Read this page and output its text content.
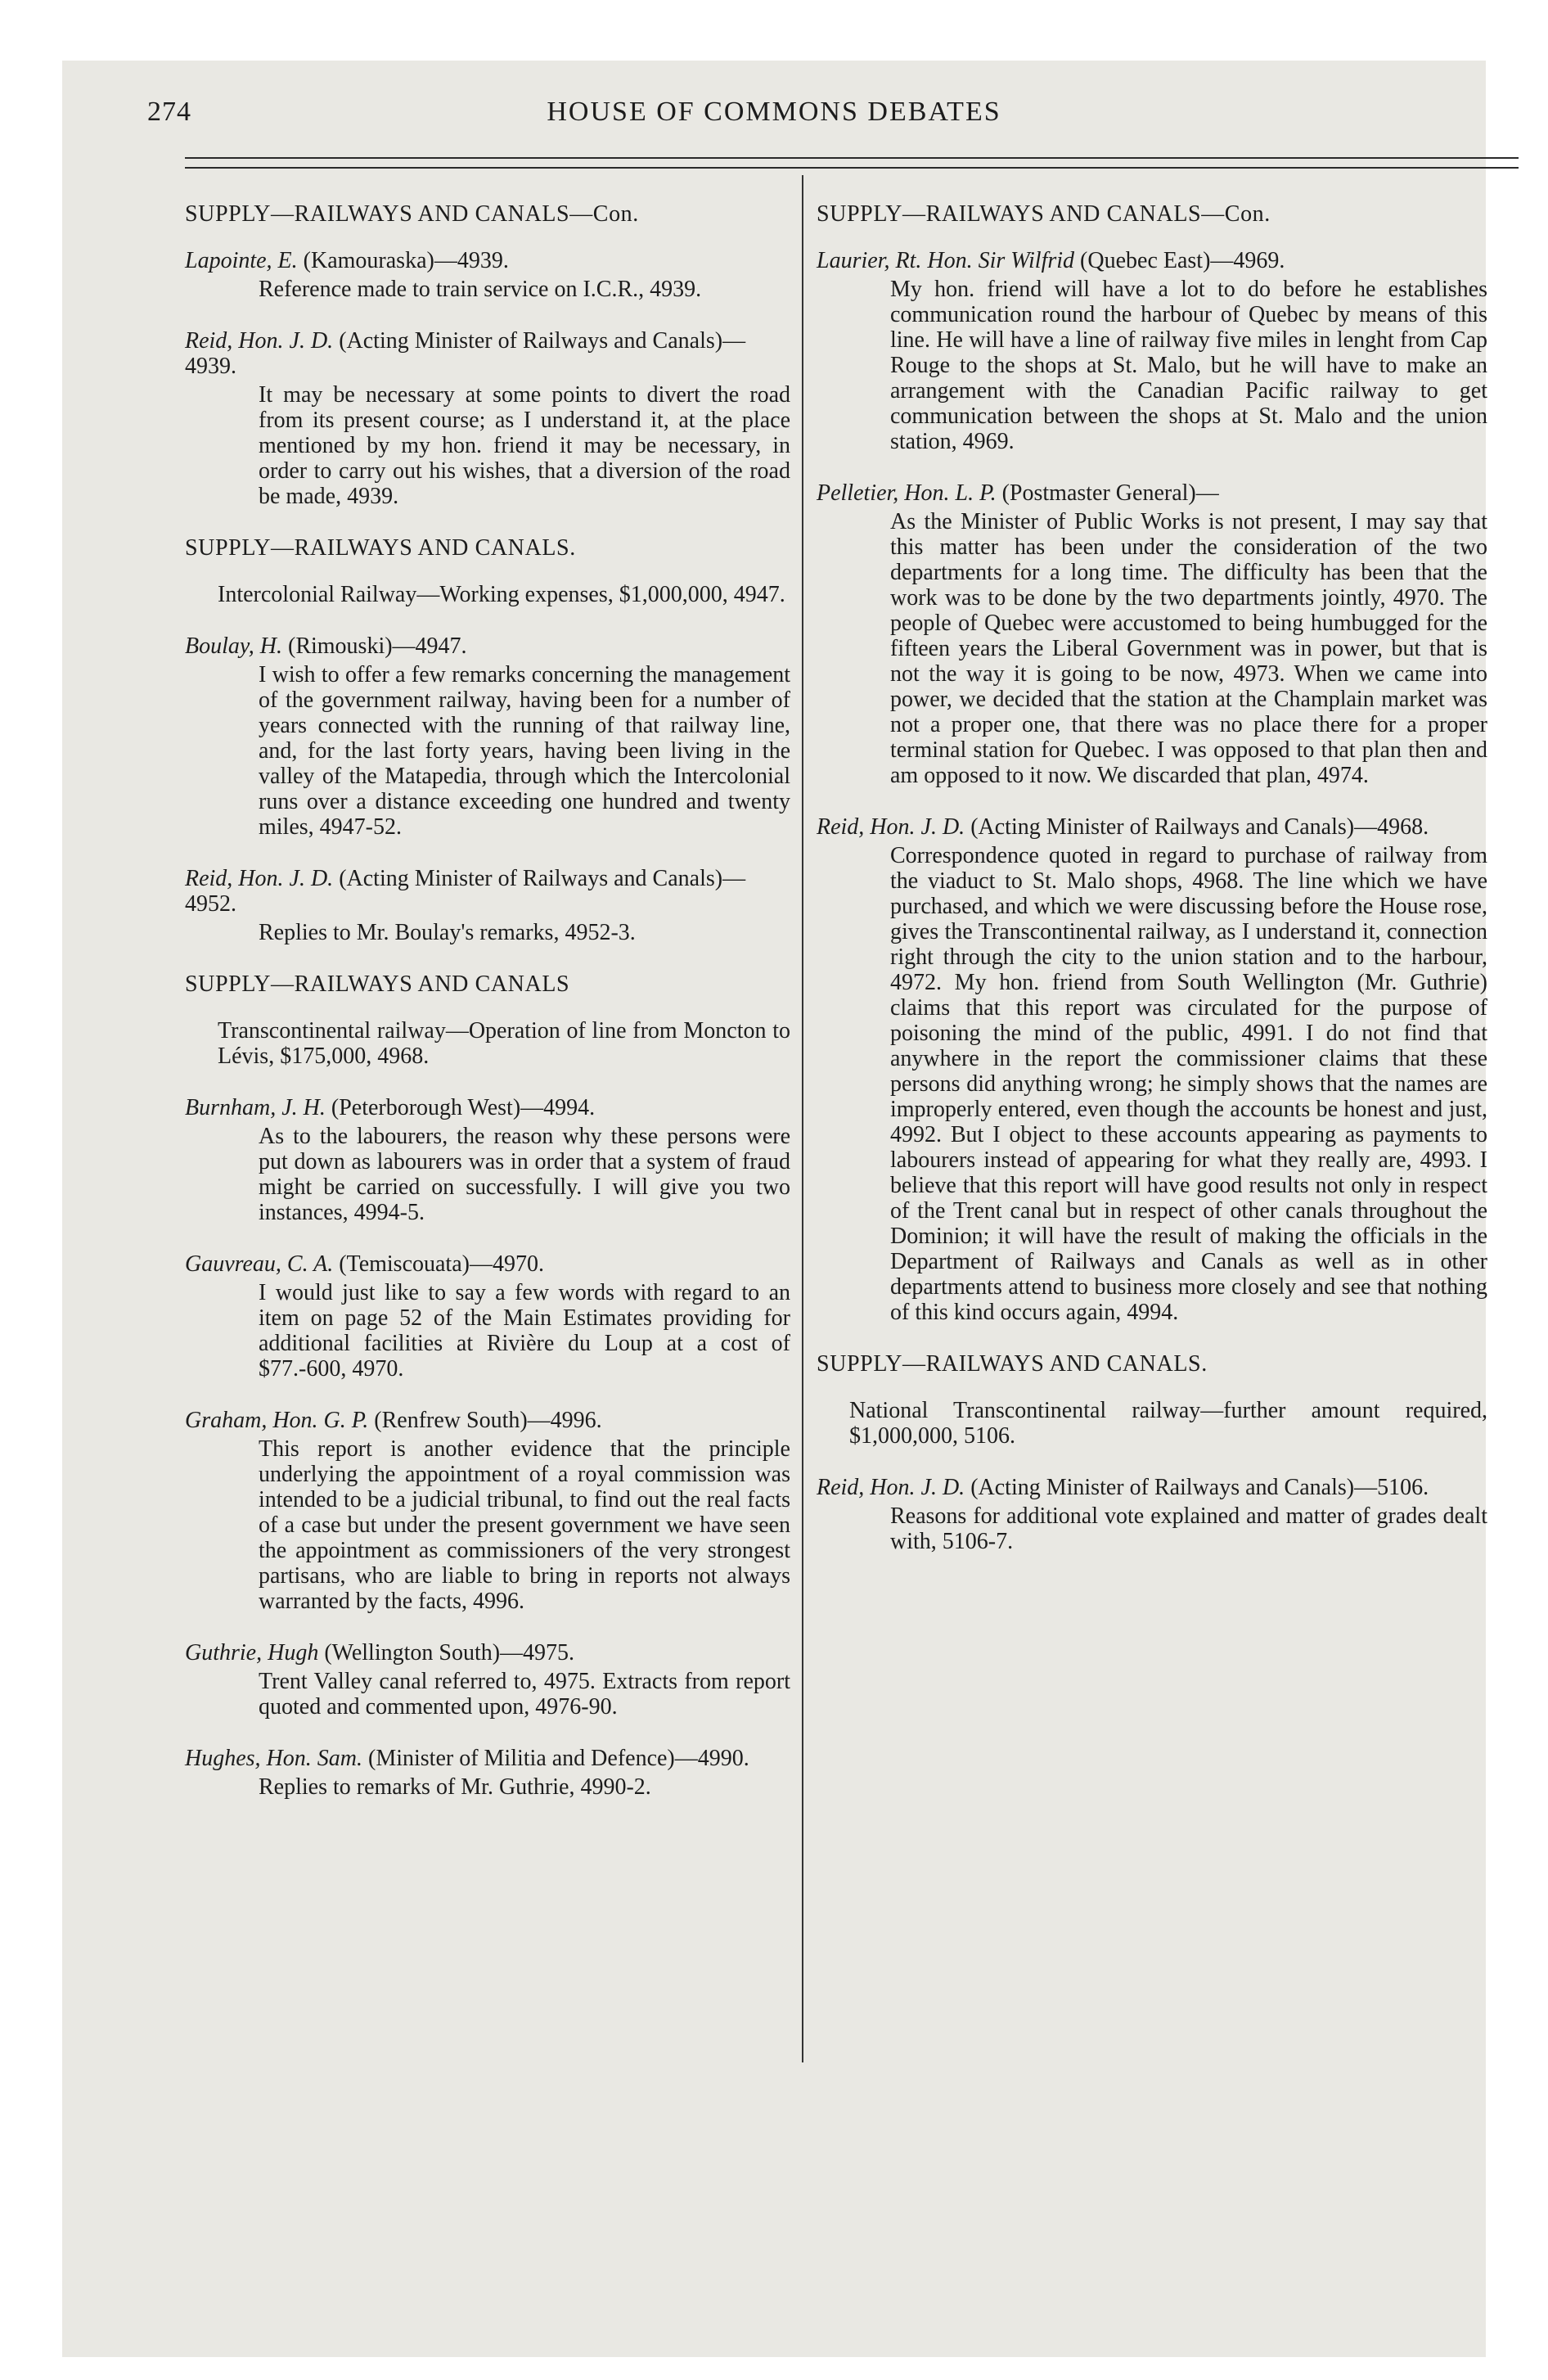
274	HOUSE OF COMMONS DEBATES
SUPPLY—RAILWAYS AND CANALS—Con.
Lapointe, E. (Kamouraska)—4939.

Reference made to train service on I.C.R., 4939.

Reid, Hon. J. D. (Acting Minister of Railways and Canals)—4939.

It may be necessary at some points to divert the road from its present course; as I understand it, at the place mentioned by my hon. friend it may be necessary, in order to carry out his wishes, that a diversion of the road be made, 4939.

SUPPLY—RAILWAYS AND CANALS.
Intercolonial Railway—Working expenses, $1,000,000, 4947.
Boulay, H. (Rimouski)—4947.

I wish to offer a few remarks concerning the management of the government railway, having been for a number of years connected with the running of that railway line, and, for the last forty years, having been living in the valley of the Matapedia, through which the Intercolonial runs over a distance exceeding one hundred and twenty miles, 4947-52.

Reid, Hon. J. D. (Acting Minister of Railways and Canals)—4952.

Replies to Mr. Boulay's remarks, 4952-3.

SUPPLY—RAILWAYS AND CANALS
Transcontinental railway—Operation of line from Moncton to Lévis, $175,000, 4968.
Burnham, J. H. (Peterborough West)—4994.

As to the labourers, the reason why these persons were put down as labourers was in order that a system of fraud might be carried on successfully. I will give you two instances, 4994-5.

Gauvreau, C. A. (Temiscouata)—4970.

I would just like to say a few words with regard to an item on page 52 of the Main Estimates providing for additional facilities at Rivière du Loup at a cost of $77.-600, 4970.

Graham, Hon. G. P. (Renfrew South)—4996.

This report is another evidence that the principle underlying the appointment of a royal commission was intended to be a judicial tribunal, to find out the real facts of a case but under the present government we have seen the appointment as commissioners of the very strongest partisans, who are liable to bring in reports not always warranted by the facts, 4996.

Guthrie, Hugh (Wellington South)—4975.

Trent Valley canal referred to, 4975. Extracts from report quoted and commented upon, 4976-90.

Hughes, Hon. Sam. (Minister of Militia and Defence)—4990.

Replies to remarks of Mr. Guthrie, 4990-2.

SUPPLY—RAILWAYS AND CANALS—Con.
Laurier, Rt. Hon. Sir Wilfrid (Quebec East)—4969.

My hon. friend will have a lot to do before he establishes communication round the harbour of Quebec by means of this line. He will have a line of railway five miles in lenght from Cap Rouge to the shops at St. Malo, but he will have to make an arrangement with the Canadian Pacific railway to get communication between the shops at St. Malo and the union station, 4969.

Pelletier, Hon. L. P. (Postmaster General)—

As the Minister of Public Works is not present, I may say that this matter has been under the consideration of the two departments for a long time. The difficulty has been that the work was to be done by the two departments jointly, 4970. The people of Quebec were accustomed to being humbugged for the fifteen years the Liberal Government was in power, but that is not the way it is going to be now, 4973. When we came into power, we decided that the station at the Champlain market was not a proper one, that there was no place there for a proper terminal station for Quebec. I was opposed to that plan then and am opposed to it now. We discarded that plan, 4974.

Reid, Hon. J. D. (Acting Minister of Railways and Canals)—4968.

Correspondence quoted in regard to purchase of railway from the viaduct to St. Malo shops, 4968. The line which we have purchased, and which we were discussing before the House rose, gives the Transcontinental railway, as I understand it, connection right through the city to the union station and to the harbour, 4972. My hon. friend from South Wellington (Mr. Guthrie) claims that this report was circulated for the purpose of poisoning the mind of the public, 4991. I do not find that anywhere in the report the commissioner claims that these persons did anything wrong; he simply shows that the names are improperly entered, even though the accounts be honest and just, 4992. But I object to these accounts appearing as payments to labourers instead of appearing for what they really are, 4993. I believe that this report will have good results not only in respect of the Trent canal but in respect of other canals throughout the Dominion; it will have the result of making the officials in the Department of Railways and Canals as well as in other departments attend to business more closely and see that nothing of this kind occurs again, 4994.

SUPPLY—RAILWAYS AND CANALS.
National Transcontinental railway—further amount required, $1,000,000, 5106.
Reid, Hon. J. D. (Acting Minister of Railways and Canals)—5106.

Reasons for additional vote explained and matter of grades dealt with, 5106-7.
